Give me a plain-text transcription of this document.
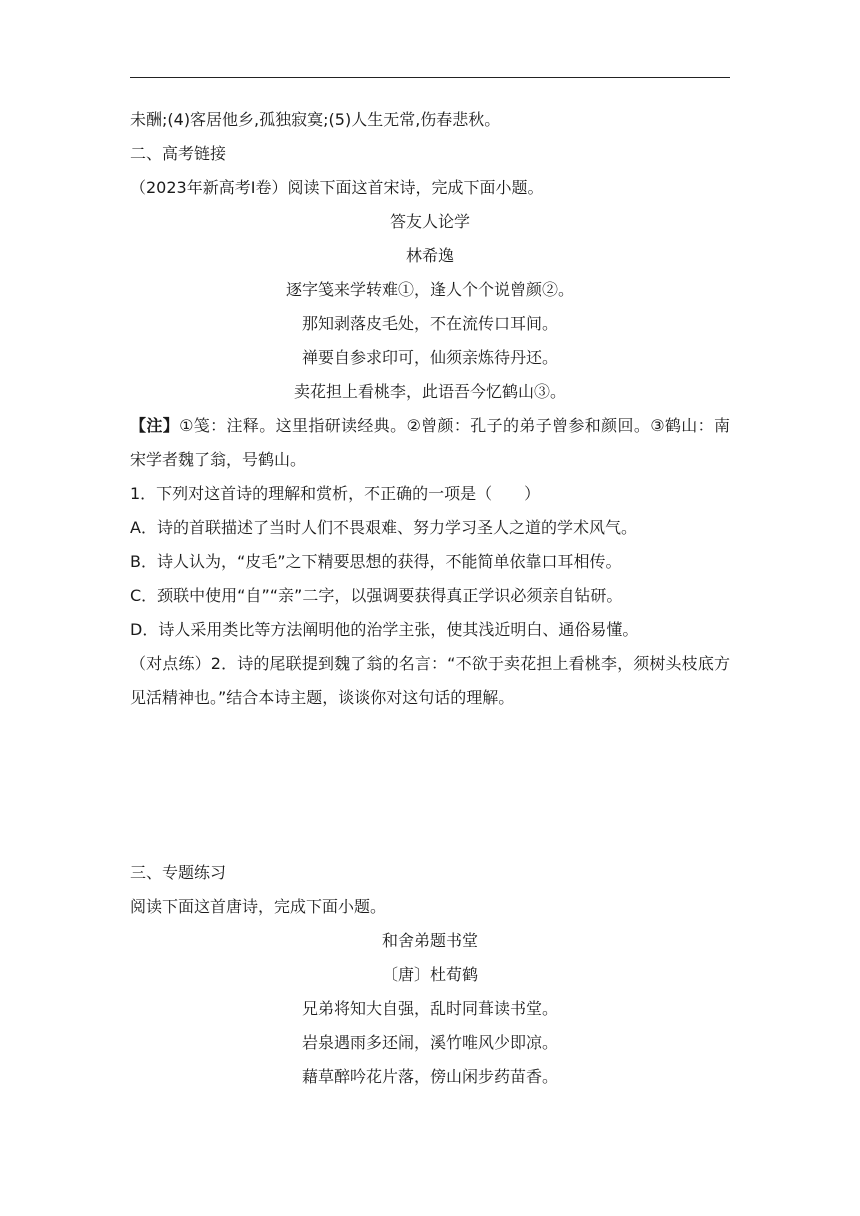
未酬;(4)客居他乡,孤独寂寞;(5)人生无常,伤春悲秋。
二、高考链接
（2023年新高考Ⅰ卷）阅读下面这首宋诗，完成下面小题。
答友人论学
林希逸
逐字笺来学转难①，逢人个个说曾颜②。
那知剥落皮毛处，不在流传口耳间。
禅要自参求印可，仙须亲炼待丹还。
卖花担上看桃李，此语吾今忆鹤山③。
【注】①笺：注释。这里指研读经典。②曾颜：孔子的弟子曾参和颜回。③鹤山：南宋学者魏了翁，号鹤山。
1．下列对这首诗的理解和赏析，不正确的一项是（　　）
A．诗的首联描述了当时人们不畏艰难、努力学习圣人之道的学术风气。
B．诗人认为，“皮毛”之下精要思想的获得，不能简单依靠口耳相传。
C．颈联中使用“自”“亲”二字，以强调要获得真正学识必须亲自钻研。
D．诗人采用类比等方法阐明他的治学主张，使其浅近明白、通俗易懂。
（对点练）2．诗的尾联提到魏了翁的名言：“不欲于卖花担上看桃李，须树头枝底方见活精神也。”结合本诗主题，谈谈你对这句话的理解。
三、专题练习
阅读下面这首唐诗，完成下面小题。
和舍弟题书堂
〔唐〕杜荀鹤
兄弟将知大自强，乱时同葺读书堂。
岩泉遇雨多还闹，溪竹唯风少即凉。
藉草醉吟花片落，傍山闲步药苗香。
